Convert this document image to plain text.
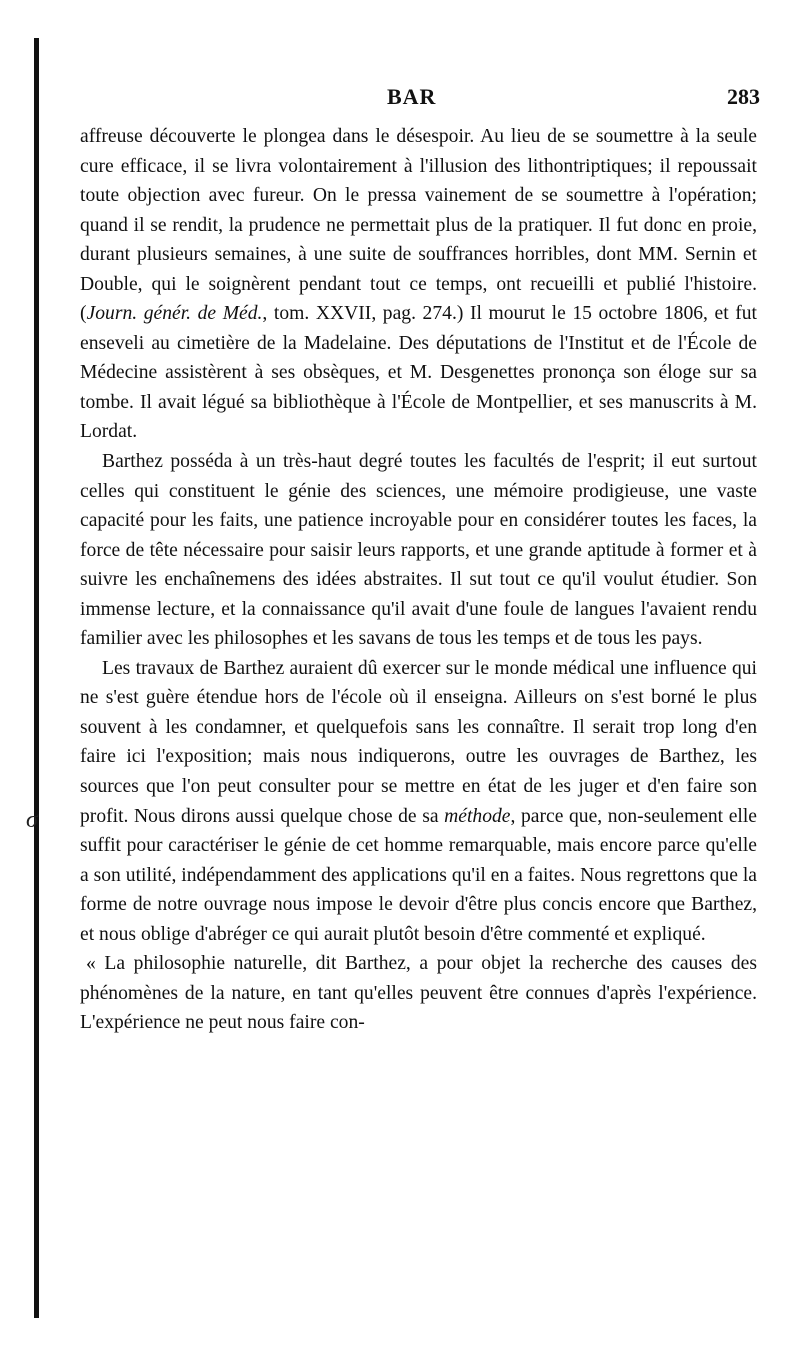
σ
BAR	283

affreuse découverte le plongea dans le désespoir. Au lieu de se soumettre à la seule cure efficace, il se livra volontairement à l'illusion des lithontriptiques; il repoussait toute objection avec fureur. On le pressa vainement de se soumettre à l'opération; quand il se rendit, la prudence ne permettait plus de la pratiquer. Il fut donc en proie, durant plusieurs semaines, à une suite de souffrances horribles, dont MM. Sernin et Double, qui le soignèrent pendant tout ce temps, ont recueilli et publié l'histoire. (Journ. génér. de Méd., tom. XXVII, pag. 274.) Il mourut le 15 octobre 1806, et fut enseveli au cimetière de la Madelaine. Des députations de l'Institut et de l'École de Médecine assistèrent à ses obsèques, et M. Desgenettes prononça son éloge sur sa tombe. Il avait légué sa bibliothèque à l'École de Montpellier, et ses manuscrits à M. Lordat.

Barthez posséda à un très-haut degré toutes les facultés de l'esprit; il eut surtout celles qui constituent le génie des sciences, une mémoire prodigieuse, une vaste capacité pour les faits, une patience incroyable pour en considérer toutes les faces, la force de tête nécessaire pour saisir leurs rapports, et une grande aptitude à former et à suivre les enchaînemens des idées abstraites. Il sut tout ce qu'il voulut étudier. Son immense lecture, et la connaissance qu'il avait d'une foule de langues l'avaient rendu familier avec les philosophes et les savans de tous les temps et de tous les pays.

Les travaux de Barthez auraient dû exercer sur le monde médical une influence qui ne s'est guère étendue hors de l'école où il enseigna. Ailleurs on s'est borné le plus souvent à les condamner, et quelquefois sans les connaître. Il serait trop long d'en faire ici l'exposition; mais nous indiquerons, outre les ouvrages de Barthez, les sources que l'on peut consulter pour se mettre en état de les juger et d'en faire son profit. Nous dirons aussi quelque chose de sa méthode, parce que, non-seulement elle suffit pour caractériser le génie de cet homme remarquable, mais encore parce qu'elle a son utilité, indépendamment des applications qu'il en a faites. Nous regrettons que la forme de notre ouvrage nous impose le devoir d'être plus concis encore que Barthez, et nous oblige d'abréger ce qui aurait plutôt besoin d'être commenté et expliqué.

« La philosophie naturelle, dit Barthez, a pour objet la recherche des causes des phénomènes de la nature, en tant qu'elles peuvent être connues d'après l'expérience. L'expérience ne peut nous faire con-
